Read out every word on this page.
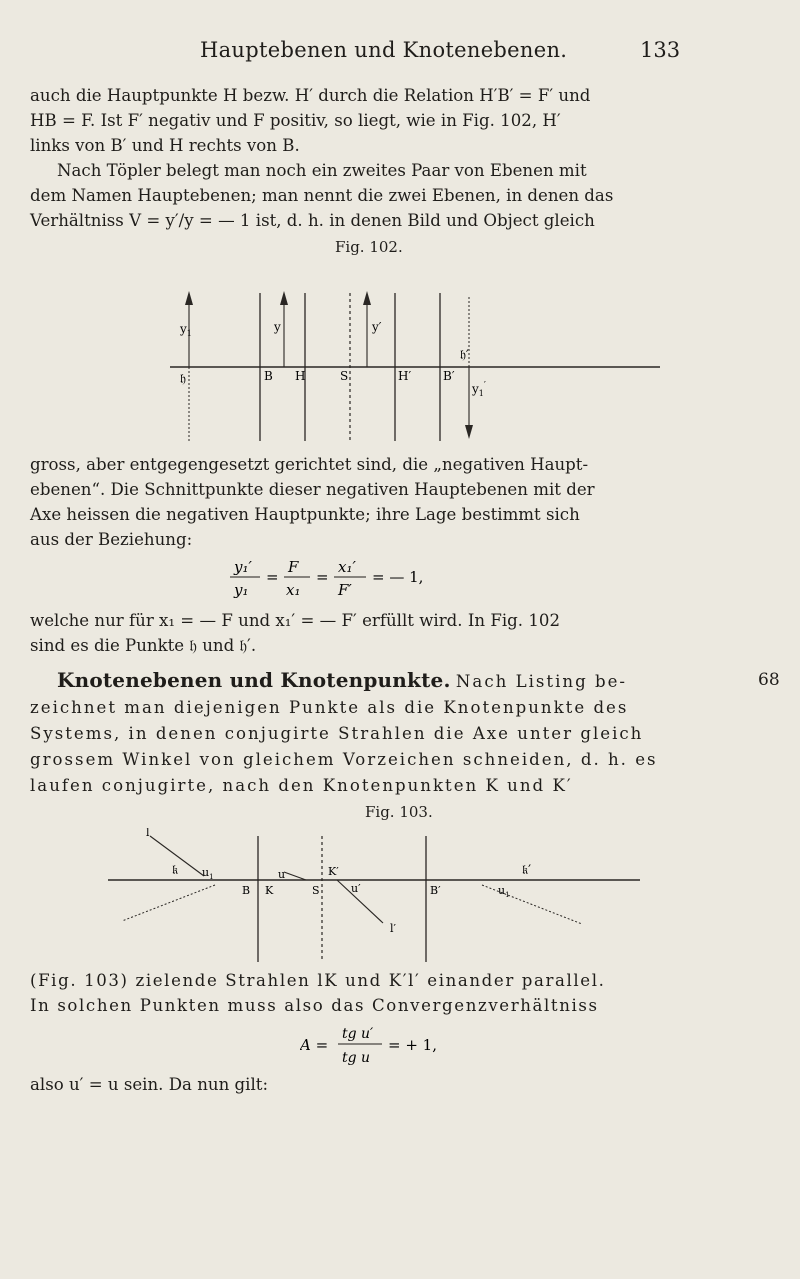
Hauptebenen und Knotenebenen.	133

auch die Hauptpunkte H bezw. H′ durch die Relation H′B′ = F′ und

HB = F. Ist F′ negativ und F positiv, so liegt, wie in Fig. 102, H′

links von B′ und H rechts von B.

Nach Töpler belegt man noch ein zweites Paar von Ebenen mit

dem Namen Hauptebenen; man nennt die zwei Ebenen, in denen das

Verhältniss V = y′/y = — 1 ist, d. h. in denen Bild und Object gleich

Fig. 102.
$y_1$	y	y′
𝔥
𝔥′
B H	S	H′	B′
$y_1'$

gross, aber entgegengesetzt gerichtet sind, die „negativen Haupt-

ebenen“. Die Schnittpunkte dieser negativen Hauptebenen mit der

Axe heissen die negativen Hauptpunkte; ihre Lage bestimmt sich

aus der Beziehung:

y₁′
y₁
=
F
x₁
=
x₁′
F′
= — 1,

welche nur für x₁ = — F und x₁′ = — F′ erfüllt wird. In Fig. 102

sind es die Punkte 𝔥 und 𝔥′.

Knotenebenen und Knotenpunkte. Nach Listing be-

zeichnet man diejenigen Punkte als die Knotenpunkte des

Systems, in denen conjugirte Strahlen die Axe unter gleich

grossem Winkel von gleichem Vorzeichen schneiden, d. h. es

laufen conjugirte, nach den Knotenpunkten K und K′

68
Fig. 103.
l
𝔨 $u_1$
B
u	K′	𝔨′
K	S	u′	B′	$u_1$
l′

(Fig. 103) zielende Strahlen lK und K′l′ einander parallel.

In solchen Punkten muss also das Convergenzverhältniss

A =
tg u′
tg u
= + 1,

also u′ = u sein. Da nun gilt:
